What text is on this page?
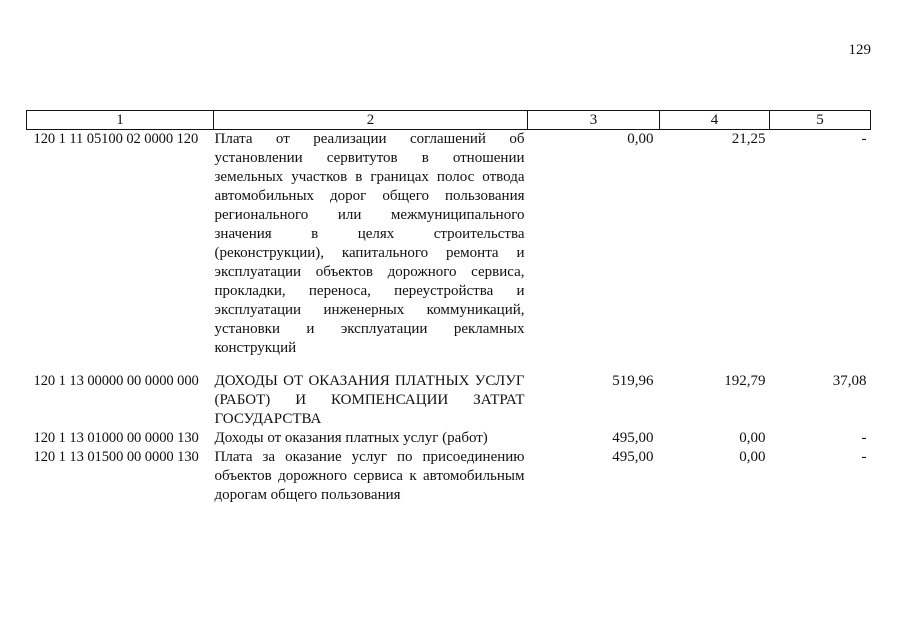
129
1	2	3	4	5
120 1 11 05100 02 0000 120	Плата от реализации соглашений об установлении сервитутов в отношении земельных участков в границах полос отвода автомобильных дорог общего пользования регионального или межмуниципального значения в целях строительства (реконструкции), капитального ремонта и эксплуатации объектов дорожного сервиса, прокладки, переноса, переустройства и эксплуатации инженерных коммуникаций, установки и эксплуатации рекламных конструкций	0,00	21,25	-
120 1 13 00000 00 0000 000	ДОХОДЫ ОТ ОКАЗАНИЯ ПЛАТНЫХ УСЛУГ (РАБОТ) И КОМПЕНСАЦИИ ЗАТРАТ ГОСУДАРСТВА	519,96	192,79	37,08
120 1 13 01000 00 0000 130	Доходы от оказания платных услуг (работ)	495,00	0,00	-
120 1 13 01500 00 0000 130	Плата за оказание услуг по присоединению объектов дорожного сервиса к автомобильным дорогам общего пользования	495,00	0,00	-
